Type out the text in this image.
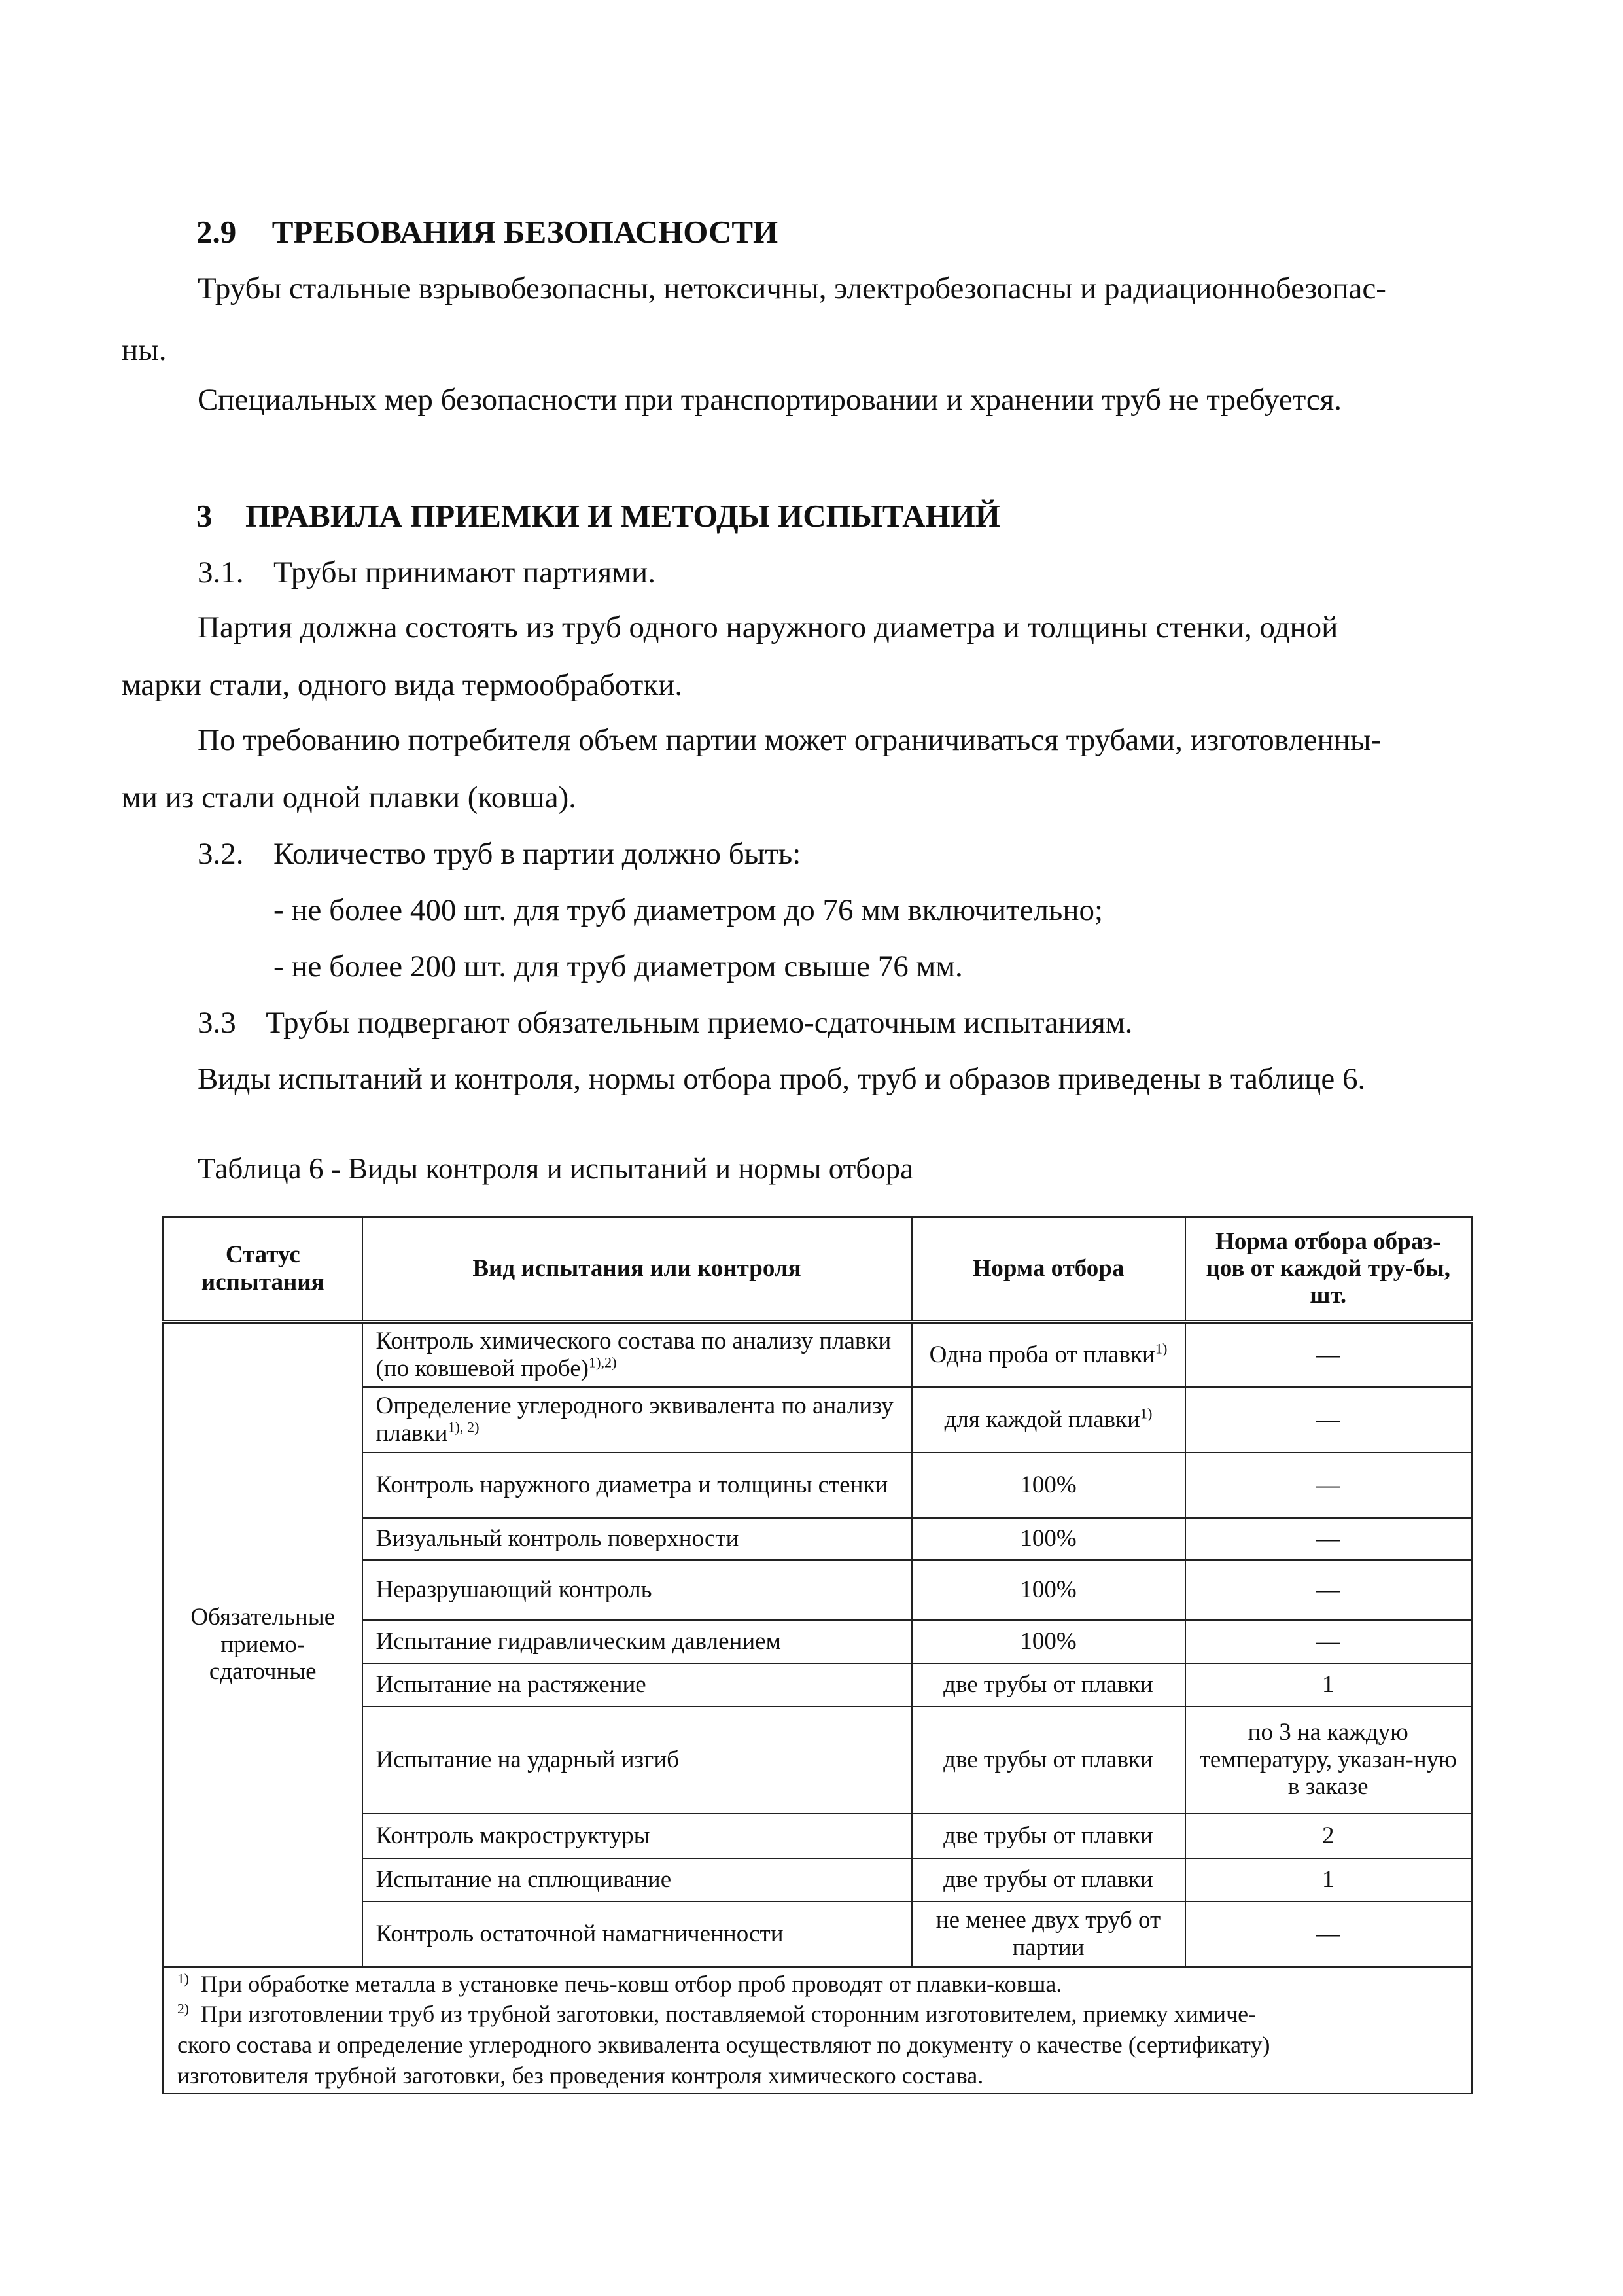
2.9 ТРЕБОВАНИЯ БЕЗОПАСНОСТИ
Трубы стальные взрывобезопасны, нетоксичны, электробезопасны и радиационнобезопас-
ны.
Специальных мер безопасности при транспортировании и хранении труб не требуется.
3 ПРАВИЛА ПРИЕМКИ И МЕТОДЫ ИСПЫТАНИЙ
3.1. Трубы принимают партиями.
Партия должна состоять из труб одного наружного диаметра и толщины стенки, одной
марки стали, одного вида термообработки.
По требованию потребителя объем партии может ограничиваться трубами, изготовленны-
ми из стали одной плавки (ковша).
3.2. Количество труб в партии должно быть:
- не более 400 шт. для труб диаметром до 76 мм включительно;
- не более 200 шт. для труб диаметром свыше 76 мм.
3.3 Трубы подвергают обязательным приемо-сдаточным испытаниям.
Виды испытаний и контроля, нормы отбора проб, труб и образов приведены в таблице 6.
Таблица 6 - Виды контроля и испытаний и нормы отбора
Статус испытания	Вид испытания или контроля	Норма отбора	Норма отбора образ-цов от каждой тру-бы, шт.
Обязательные приемо-сдаточные	Контроль химического состава по анализу плавки (по ковшевой пробе)$^{1),2)}$	Одна проба от плавки$^{1)}$	—
	Определение углеродного эквивалента по анализу плавки$^{1), 2)}$	для каждой плавки$^{1)}$	—
	Контроль наружного диаметра и толщины стенки	100%	—
	Визуальный контроль поверхности	100%	—
	Неразрушающий контроль	100%	—
	Испытание гидравлическим давлением	100%	—
	Испытание на растяжение	две трубы от плавки	1
	Испытание на ударный изгиб	две трубы от плавки	по 3 на каждую температуру, указан-ную в заказе
	Контроль макроструктуры	две трубы от плавки	2
	Испытание на сплющивание	две трубы от плавки	1
	Контроль остаточной намагниченности	не менее двух труб от партии	—

$^{1)}$ При обработке металла в установке печь-ковш отбор проб проводят от плавки-ковша.
$^{2)}$ При изготовлении труб из трубной заготовки, поставляемой сторонним изготовителем, приемку химиче-
ского состава и определение углеродного эквивалента осуществляют по документу о качестве (сертификату)
изготовителя трубной заготовки, без проведения контроля химического состава.			
